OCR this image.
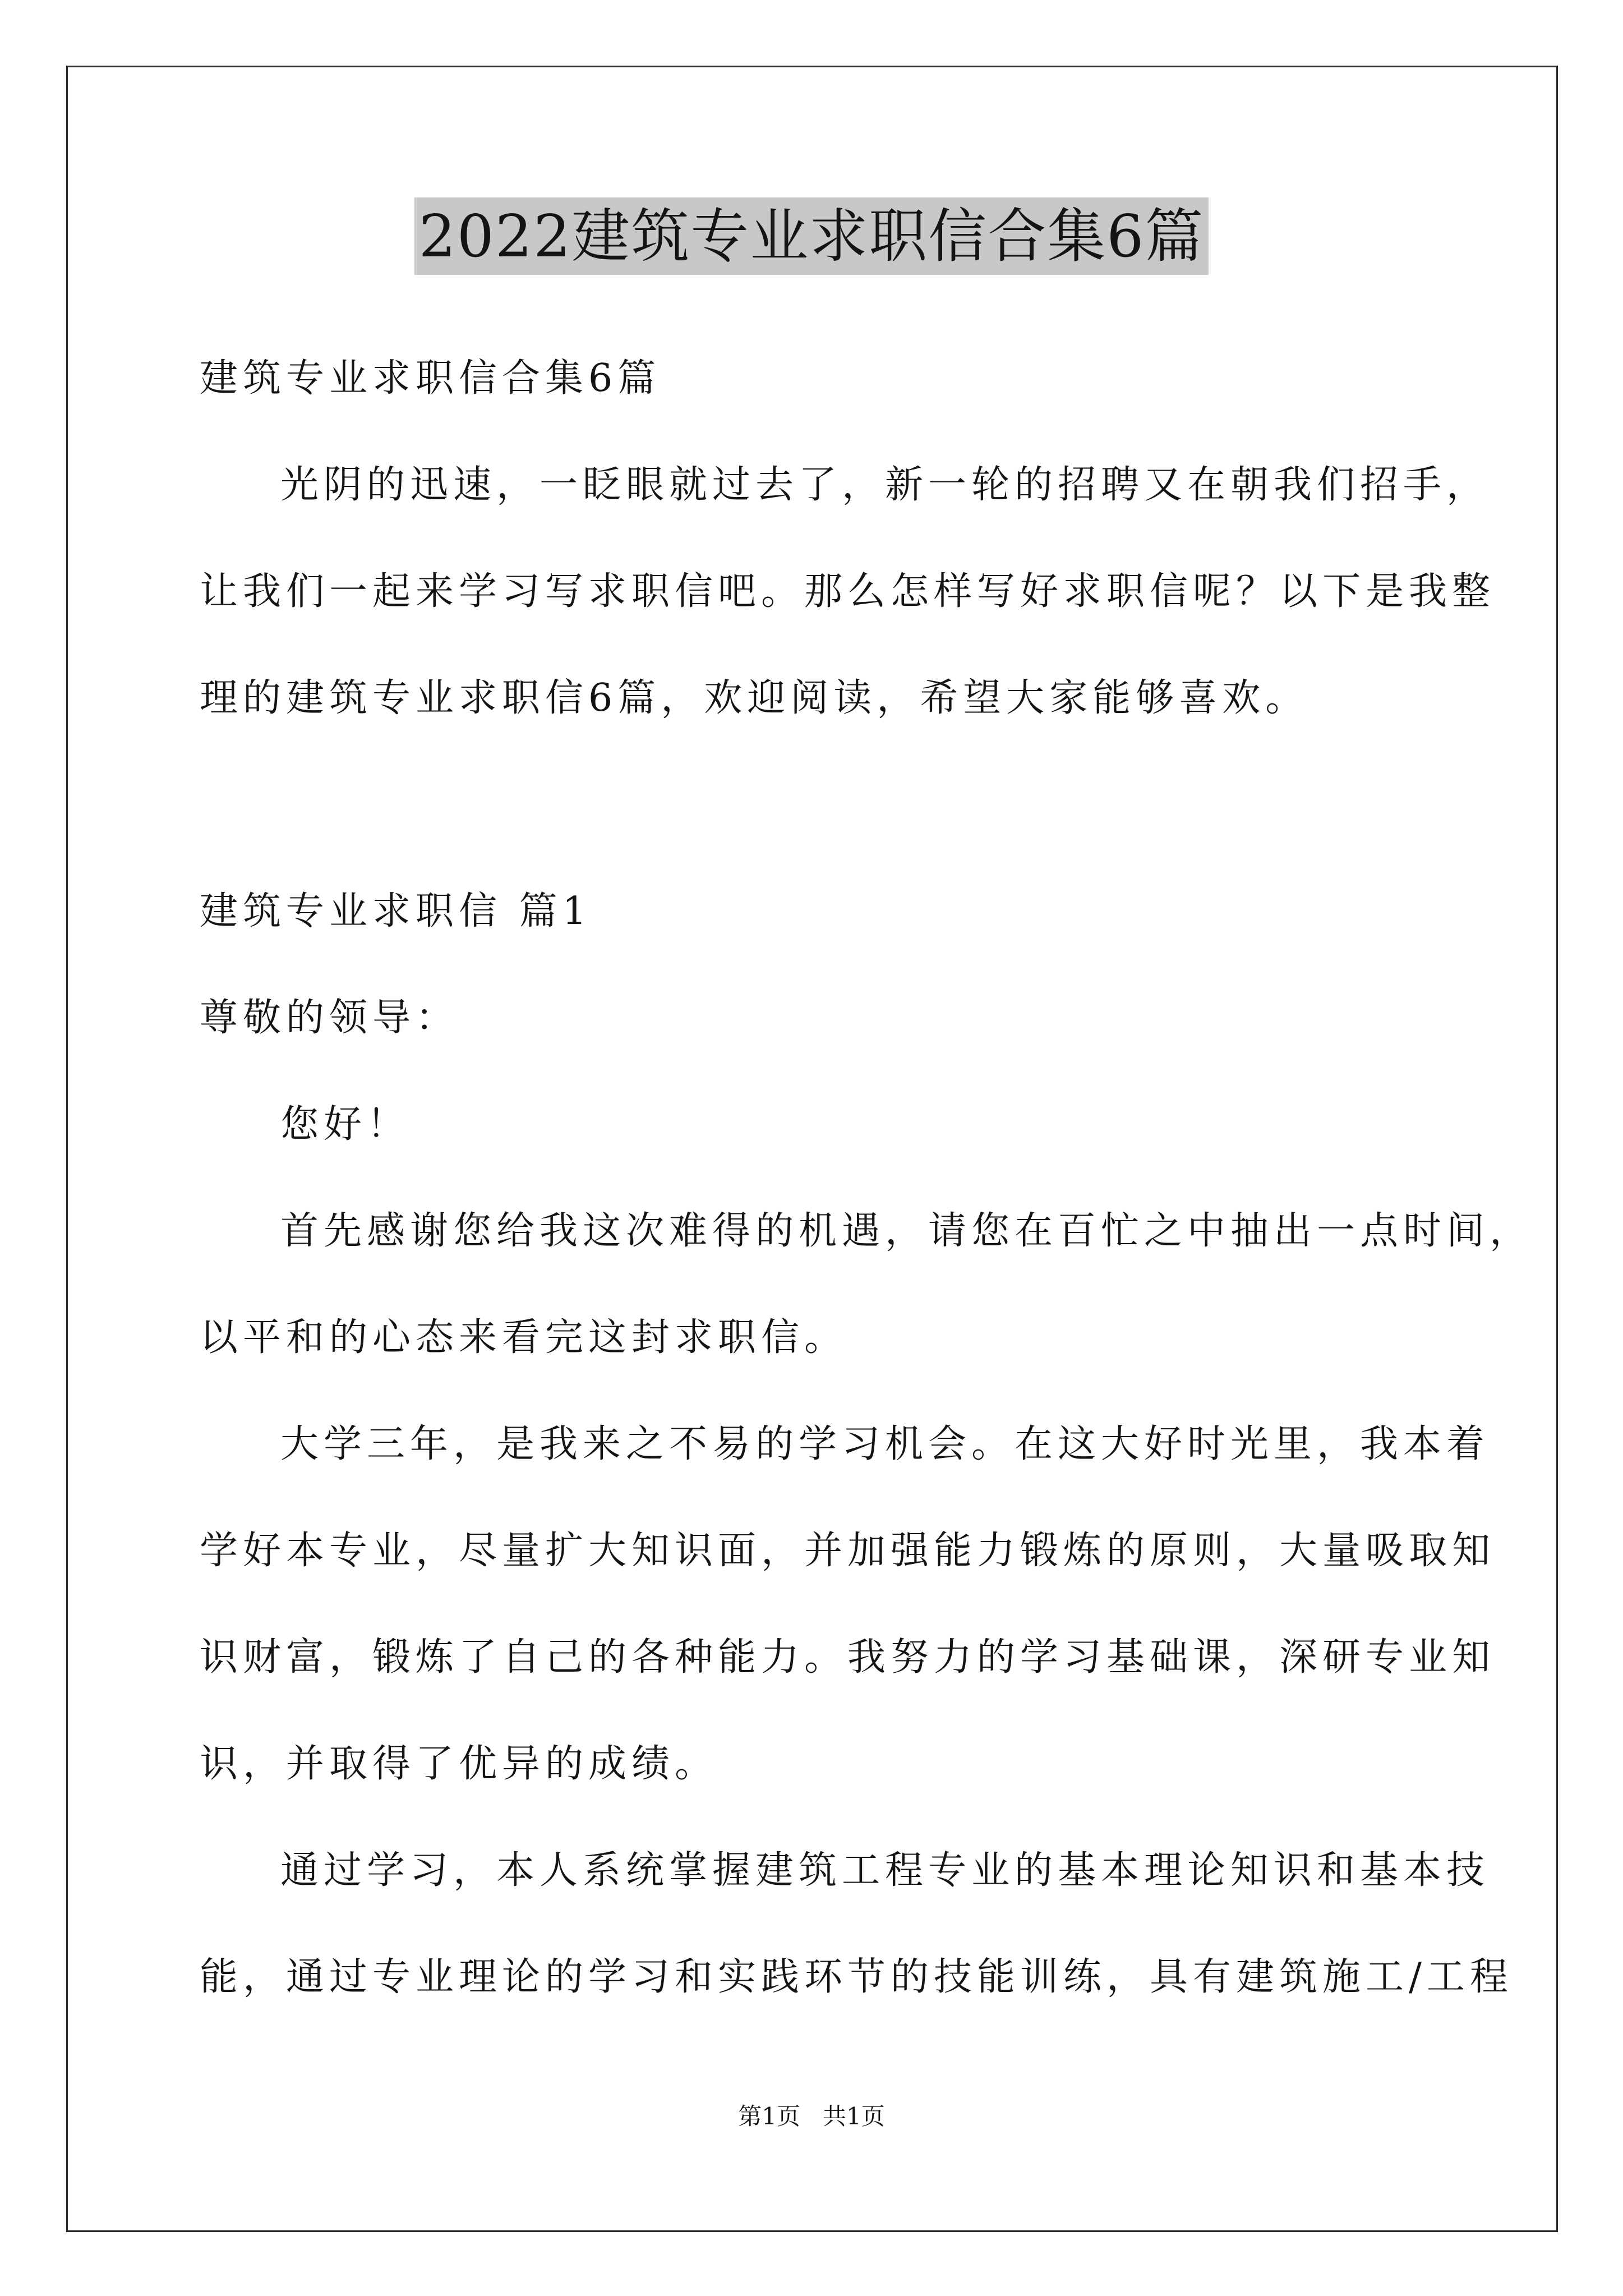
2022建筑专业求职信合集6篇
建筑专业求职信合集6篇
光阴的迅速，一眨眼就过去了，新一轮的招聘又在朝我们招手，
让我们一起来学习写求职信吧。那么怎样写好求职信呢？以下是我整
理的建筑专业求职信6篇，欢迎阅读，希望大家能够喜欢。
建筑专业求职信 篇1
尊敬的领导：
您好！
首先感谢您给我这次难得的机遇，请您在百忙之中抽出一点时间，
以平和的心态来看完这封求职信。
大学三年，是我来之不易的学习机会。在这大好时光里，我本着
学好本专业，尽量扩大知识面，并加强能力锻炼的原则，大量吸取知
识财富，锻炼了自己的各种能力。我努力的学习基础课，深研专业知
识，并取得了优异的成绩。
通过学习，本人系统掌握建筑工程专业的基本理论知识和基本技
能，通过专业理论的学习和实践环节的技能训练，具有建筑施工/工程
第1页 共1页
